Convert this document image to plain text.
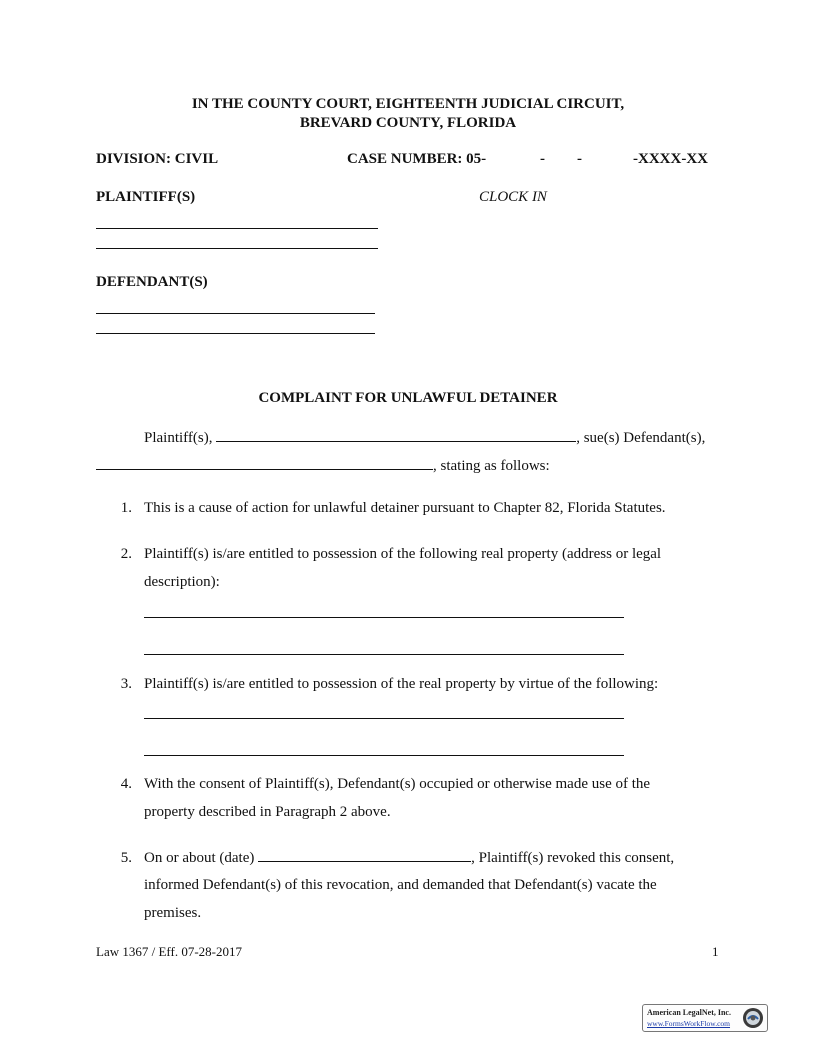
IN THE COUNTY COURT, EIGHTEENTH JUDICIAL CIRCUIT,
BREVARD COUNTY, FLORIDA
DIVISION: CIVIL	CASE NUMBER: 05-	- -	-XXXX-XX
PLAINTIFF(S)	CLOCK IN
DEFENDANT(S)
COMPLAINT FOR UNLAWFUL DETAINER
Plaintiff(s),	, sue(s) Defendant(s),
, stating as follows:
1. This is a cause of action for unlawful detainer pursuant to Chapter 82, Florida Statutes.
2. Plaintiff(s) is/are entitled to possession of the following real property (address or legal
description):
3. Plaintiff(s) is/are entitled to possession of the real property by virtue of the following:
4. With the consent of Plaintiff(s), Defendant(s) occupied or otherwise made use of the
property described in Paragraph 2 above.
5. On or about (date)	, Plaintiff(s) revoked this consent,
informed Defendant(s) of this revocation, and demanded that Defendant(s) vacate the
premises.
Law 1367 / Eff. 07-28-2017	1
American LegalNet, Inc.
www.FormsWorkFlow.com
